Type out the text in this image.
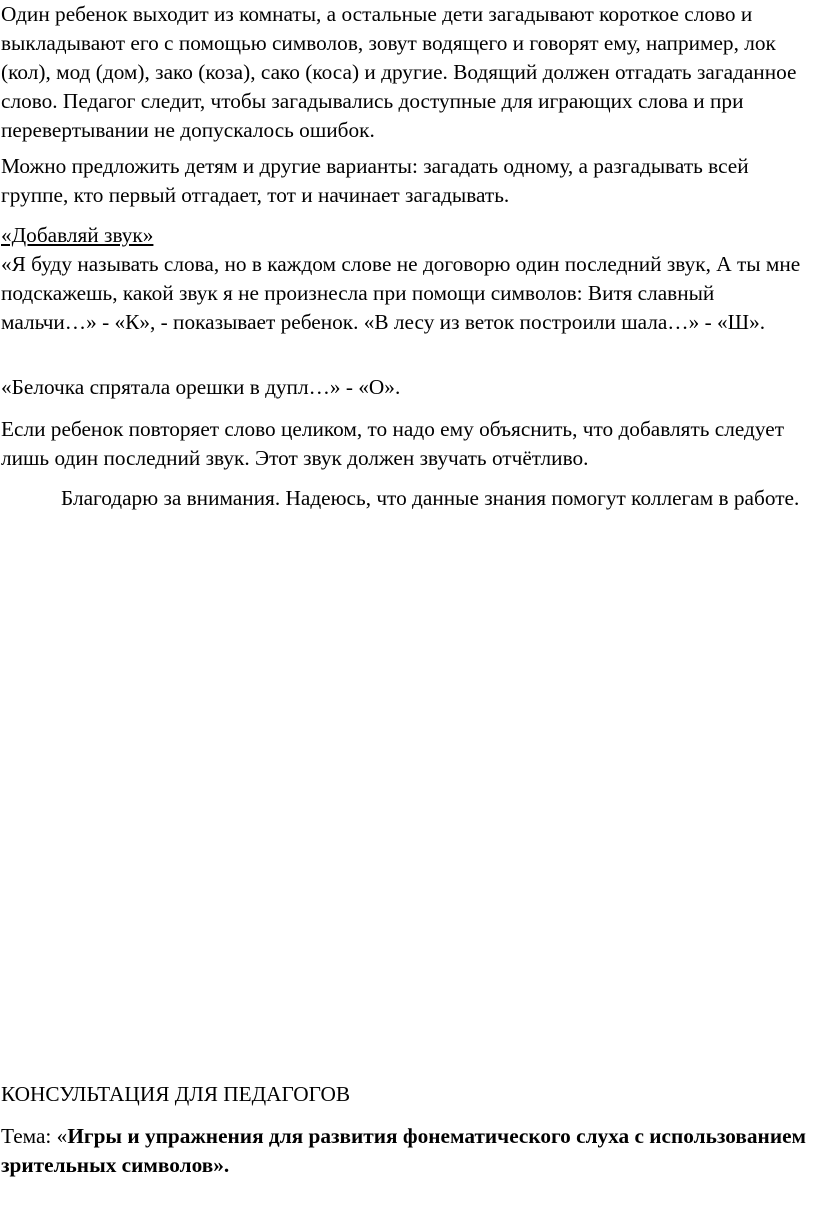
Один ребенок выходит из комнаты, а остальные дети загадывают короткое слово и выкладывают его с помощью символов, зовут водящего и говорят ему, например, лок (кол), мод (дом), зако (коза), сако (коса) и другие. Водящий должен отгадать загаданное слово. Педагог следит, чтобы загадывались доступные для играющих слова и при перевертывании не допускалось ошибок.

Можно предложить детям и другие варианты: загадать одному, а разгадывать всей группе, кто первый отгадает, тот и начинает загадывать.

«Добавляй звук»

«Я буду называть слова, но в каждом слове не договорю один последний звук, А ты мне подскажешь, какой звук я не произнесла при помощи символов: Витя славный мальчи…» - «К», - показывает ребенок. «В лесу из веток построили шала…» - «Ш».

«Белочка спрятала орешки в дупл…» - «О».

Если ребенок повторяет слово целиком, то надо ему объяснить, что добавлять следует лишь один последний звук. Этот звук должен звучать отчётливо.

Благодарю за внимания. Надеюсь, что данные знания помогут коллегам в работе.

КОНСУЛЬТАЦИЯ ДЛЯ ПЕДАГОГОВ

Тема: «Игры и упражнения для развития фонематического слуха с использованием зрительных символов».
